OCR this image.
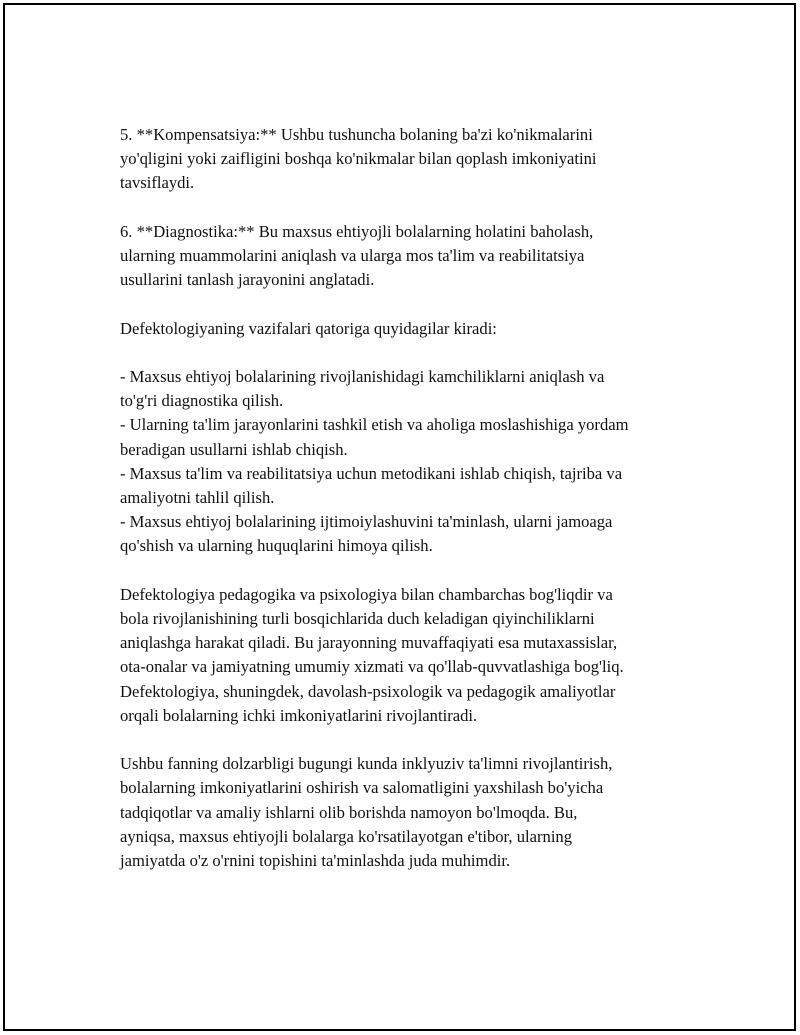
5. **Kompensatsiya:** Ushbu tushuncha bolaning ba'zi ko'nikmalarini
yo'qligini yoki zaifligini boshqa ko'nikmalar bilan qoplash imkoniyatini
tavsiflaydi.

6. **Diagnostika:** Bu maxsus ehtiyojli bolalarning holatini baholash,
ularning muammolarini aniqlash va ularga mos ta'lim va reabilitatsiya
usullarini tanlash jarayonini anglatadi.

Defektologiyaning vazifalari qatoriga quyidagilar kiradi:

- Maxsus ehtiyoj bolalarining rivojlanishidagi kamchiliklarni aniqlash va
to'g'ri diagnostika qilish.
- Ularning ta'lim jarayonlarini tashkil etish va aholiga moslashishiga yordam
beradigan usullarni ishlab chiqish.
- Maxsus ta'lim va reabilitatsiya uchun metodikani ishlab chiqish, tajriba va
amaliyotni tahlil qilish.
- Maxsus ehtiyoj bolalarining ijtimoiylashuvini ta'minlash, ularni jamoaga
qo'shish va ularning huquqlarini himoya qilish.

Defektologiya pedagogika va psixologiya bilan chambarchas bog'liqdir va
bola rivojlanishining turli bosqichlarida duch keladigan qiyinchiliklarni
aniqlashga harakat qiladi. Bu jarayonning muvaffaqiyati esa mutaxassislar,
ota-onalar va jamiyatning umumiy xizmati va qo'llab-quvvatlashiga bog'liq.
Defektologiya, shuningdek, davolash-psixologik va pedagogik amaliyotlar
orqali bolalarning ichki imkoniyatlarini rivojlantiradi.

Ushbu fanning dolzarbligi bugungi kunda inklyuziv ta'limni rivojlantirish,
bolalarning imkoniyatlarini oshirish va salomatligini yaxshilash bo'yicha
tadqiqotlar va amaliy ishlarni olib borishda namoyon bo'lmoqda. Bu,
ayniqsa, maxsus ehtiyojli bolalarga ko'rsatilayotgan e'tibor, ularning
jamiyatda o'z o'rnini topishini ta'minlashda juda muhimdir.
